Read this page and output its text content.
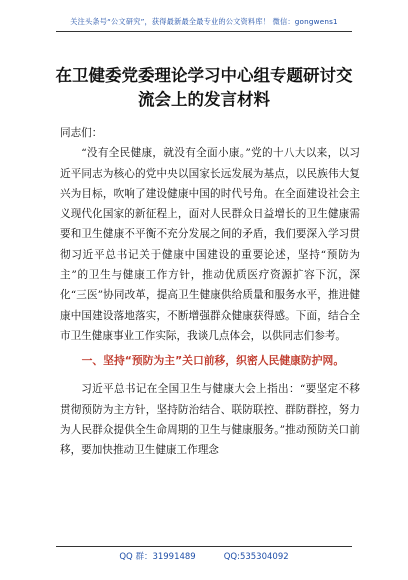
关注头条号“公文研究”，获得最新最全最专业的公文资料库！ 微信：gongwens1
在卫健委党委理论学习中心组专题研讨交
流会上的发言材料

同志们：

“没有全民健康，就没有全面小康。”党的十八大以来，以习近平同志为核心的党中央以国家长远发展为基点，以民族伟大复兴为目标，吹响了建设健康中国的时代号角。在全面建设社会主义现代化国家的新征程上，面对人民群众日益增长的卫生健康需要和卫生健康不平衡不充分发展之间的矛盾，我们要深入学习贯彻习近平总书记关于健康中国建设的重要论述，坚持“预防为主”的卫生与健康工作方针，推动优质医疗资源扩容下沉，深化“三医”协同改革，提高卫生健康供给质量和服务水平，推进健康中国建设落地落实，不断增强群众健康获得感。下面，结合全市卫生健康事业工作实际，我谈几点体会，以供同志们参考。

一、坚持“预防为主”关口前移，织密人民健康防护网。

习近平总书记在全国卫生与健康大会上指出：“要坚定不移贯彻预防为主方针，坚持防治结合、联防联控、群防群控，努力为人民群众提供全生命周期的卫生与健康服务。”推动预防关口前移，要加快推动卫生健康工作理念

QQ 群：31991489	QQ:535304092
